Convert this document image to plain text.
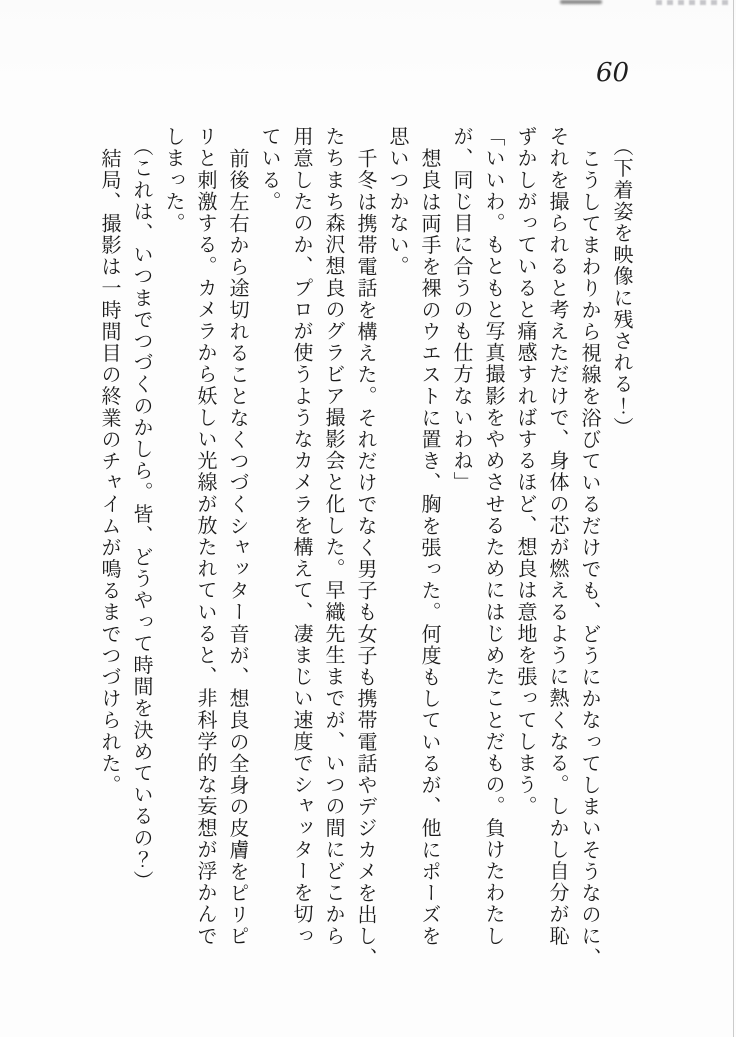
60
（下着姿を映像に残される！）
こうしてまわりから視線を浴びているだけでも、どうにかなってしまいそうなのに、
それを撮られると考えただけで、身体の芯が燃えるように熱くなる。しかし自分が恥
ずかしがっていると痛感すればするほど、想良は意地を張ってしまう。
「いいわ。もともと写真撮影をやめさせるためにはじめたことだもの。負けたわたし
が、同じ目に合うのも仕方ないわね」
想良は両手を裸のウエストに置き、胸を張った。何度もしているが、他にポーズを
思いつかない。
千冬は携帯電話を構えた。それだけでなく男子も女子も携帯電話やデジカメを出し、
たちまち森沢想良のグラビア撮影会と化した。早織先生までが、いつの間にどこから
用意したのか、プロが使うようなカメラを構えて、凄まじい速度でシャッターを切っ
ている。
前後左右から途切れることなくつづくシャッター音が、想良の全身の皮膚をピリピ
リと刺激する。カメラから妖しい光線が放たれていると、非科学的な妄想が浮かんで
しまった。
（これは、いつまでつづくのかしら。皆、どうやって時間を決めているの？）
結局、撮影は一時間目の終業のチャイムが鳴るまでつづけられた。
